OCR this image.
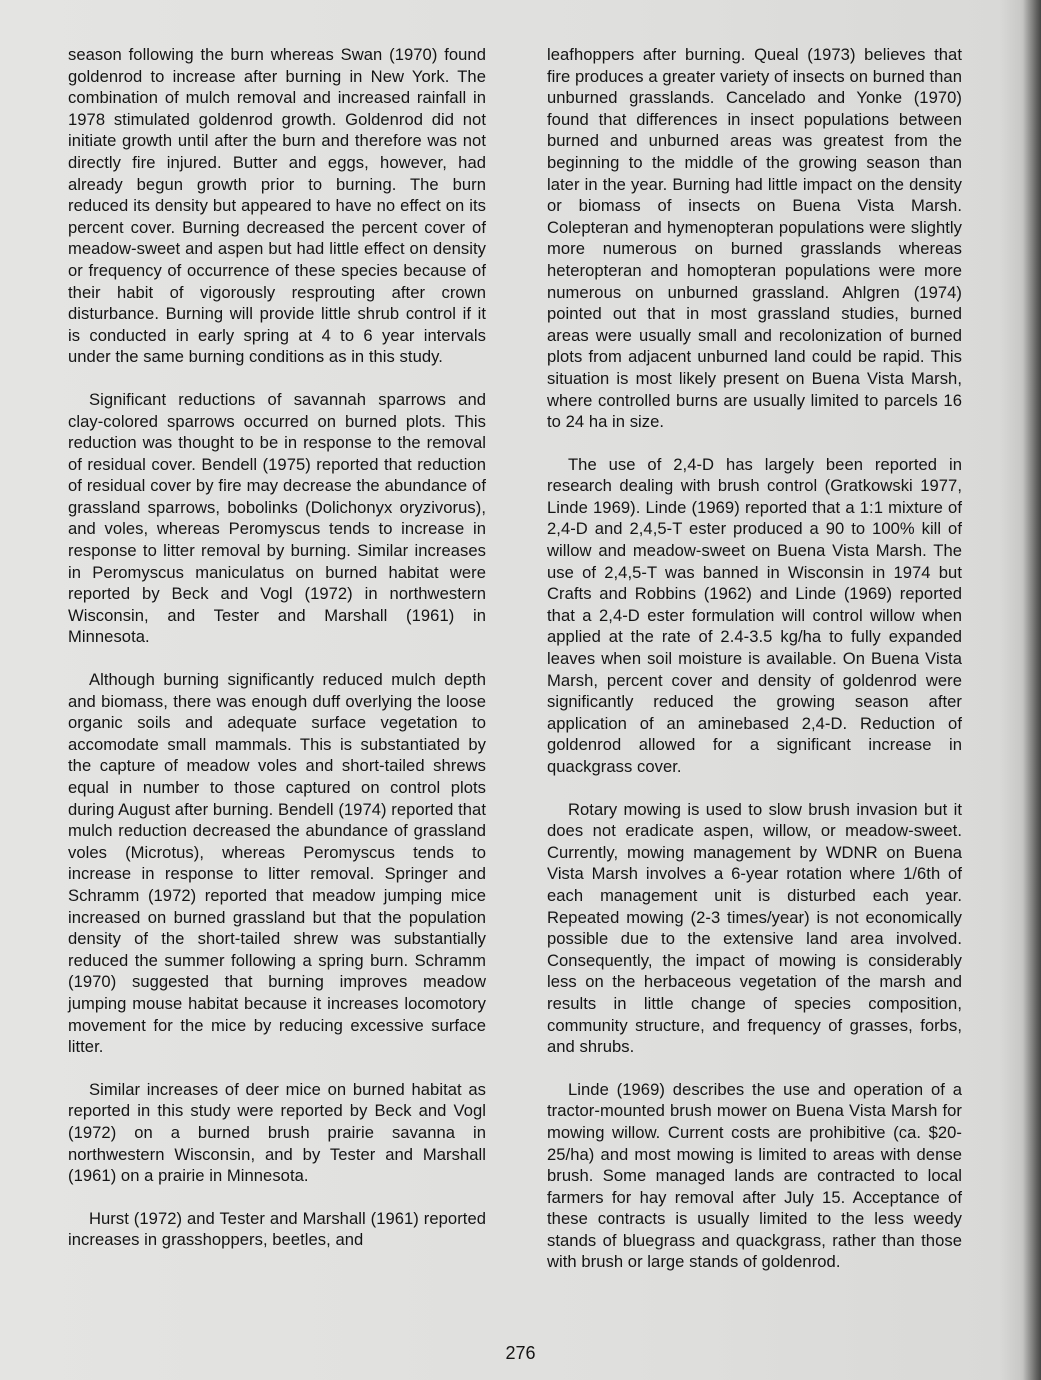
season following the burn whereas Swan (1970) found goldenrod to increase after burning in New York. The combination of mulch removal and increased rainfall in 1978 stimulated goldenrod growth. Goldenrod did not initiate growth until after the burn and therefore was not directly fire injured. Butter and eggs, however, had already begun growth prior to burning. The burn reduced its density but appeared to have no effect on its percent cover. Burning decreased the percent cover of meadow-sweet and aspen but had little effect on density or frequency of occurrence of these species because of their habit of vigorously resprouting after crown disturbance. Burning will provide little shrub control if it is conducted in early spring at 4 to 6 year intervals under the same burning conditions as in this study.

Significant reductions of savannah sparrows and clay-colored sparrows occurred on burned plots. This reduction was thought to be in response to the removal of residual cover. Bendell (1975) reported that reduction of residual cover by fire may decrease the abundance of grassland sparrows, bobolinks (Dolichonyx oryzivorus), and voles, whereas Peromyscus tends to increase in response to litter removal by burning. Similar increases in Peromyscus maniculatus on burned habitat were reported by Beck and Vogl (1972) in northwestern Wisconsin, and Tester and Marshall (1961) in Minnesota.

Although burning significantly reduced mulch depth and biomass, there was enough duff overlying the loose organic soils and adequate surface vegetation to accomodate small mammals. This is substantiated by the capture of meadow voles and short-tailed shrews equal in number to those captured on control plots during August after burning. Bendell (1974) reported that mulch reduction decreased the abundance of grassland voles (Microtus), whereas Peromyscus tends to increase in response to litter removal. Springer and Schramm (1972) reported that meadow jumping mice increased on burned grassland but that the population density of the short-tailed shrew was substantially reduced the summer following a spring burn. Schramm (1970) suggested that burning improves meadow jumping mouse habitat because it increases locomotory movement for the mice by reducing excessive surface litter.

Similar increases of deer mice on burned habitat as reported in this study were reported by Beck and Vogl (1972) on a burned brush prairie savanna in northwestern Wisconsin, and by Tester and Marshall (1961) on a prairie in Minnesota.

Hurst (1972) and Tester and Marshall (1961) reported increases in grasshoppers, beetles, and

leafhoppers after burning. Queal (1973) believes that fire produces a greater variety of insects on burned than unburned grasslands. Cancelado and Yonke (1970) found that differences in insect populations between burned and unburned areas was greatest from the beginning to the middle of the growing season than later in the year. Burning had little impact on the density or biomass of insects on Buena Vista Marsh. Colepteran and hymenopteran populations were slightly more numerous on burned grasslands whereas heteropteran and homopteran populations were more numerous on unburned grassland. Ahlgren (1974) pointed out that in most grassland studies, burned areas were usually small and recolonization of burned plots from adjacent unburned land could be rapid. This situation is most likely present on Buena Vista Marsh, where controlled burns are usually limited to parcels 16 to 24 ha in size.

The use of 2,4-D has largely been reported in research dealing with brush control (Gratkowski 1977, Linde 1969). Linde (1969) reported that a 1:1 mixture of 2,4-D and 2,4,5-T ester produced a 90 to 100% kill of willow and meadow-sweet on Buena Vista Marsh. The use of 2,4,5-T was banned in Wisconsin in 1974 but Crafts and Robbins (1962) and Linde (1969) reported that a 2,4-D ester formulation will control willow when applied at the rate of 2.4-3.5 kg/ha to fully expanded leaves when soil moisture is available. On Buena Vista Marsh, percent cover and density of goldenrod were significantly reduced the growing season after application of an aminebased 2,4-D. Reduction of goldenrod allowed for a significant increase in quackgrass cover.

Rotary mowing is used to slow brush invasion but it does not eradicate aspen, willow, or meadow-sweet. Currently, mowing management by WDNR on Buena Vista Marsh involves a 6-year rotation where 1/6th of each management unit is disturbed each year. Repeated mowing (2-3 times/year) is not economically possible due to the extensive land area involved. Consequently, the impact of mowing is considerably less on the herbaceous vegetation of the marsh and results in little change of species composition, community structure, and frequency of grasses, forbs, and shrubs.

Linde (1969) describes the use and operation of a tractor-mounted brush mower on Buena Vista Marsh for mowing willow. Current costs are prohibitive (ca. $20-25/ha) and most mowing is limited to areas with dense brush. Some managed lands are contracted to local farmers for hay removal after July 15. Acceptance of these contracts is usually limited to the less weedy stands of bluegrass and quackgrass, rather than those with brush or large stands of goldenrod.

276
